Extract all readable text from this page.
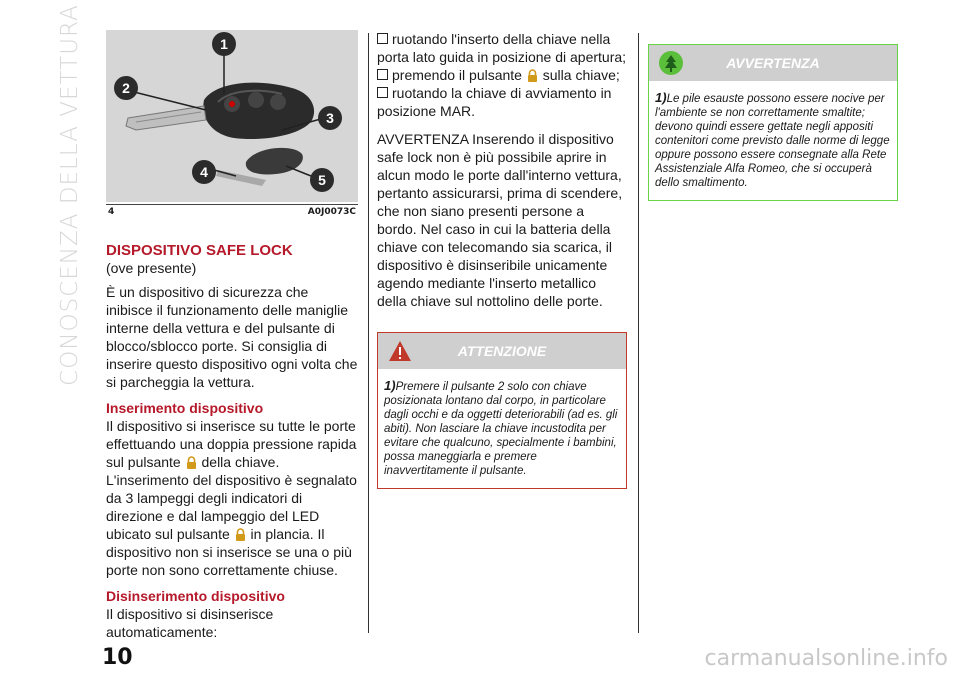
CONOSCENZA DELLA VETTURA	1
2
3
4	5
4	A0J0073C
DISPOSITIVO SAFE LOCK

(ove presente)

È un dispositivo di sicurezza che inibisce il funzionamento delle maniglie interne della vettura e del pulsante di blocco/sblocco porte. Si consiglia di inserire questo dispositivo ogni volta che si parcheggia la vettura.

Inserimento dispositivo

Il dispositivo si inserisce su tutte le porte effettuando una doppia pressione rapida sul pulsante della chiave. L'inserimento del dispositivo è segnalato da 3 lampeggi degli indicatori di direzione e dal lampeggio del LED ubicato sul pulsante in plancia. Il dispositivo non si inserisce se una o più porte non sono correttamente chiuse.

Disinserimento dispositivo

Il dispositivo si disinserisce automaticamente:

ruotando l'inserto della chiave nella porta lato guida in posizione di apertura;

premendo il pulsante sulla chiave;

ruotando la chiave di avviamento in posizione MAR.

AVVERTENZA Inserendo il dispositivo safe lock non è più possibile aprire in alcun modo le porte dall'interno vettura, pertanto assicurarsi, prima di scendere, che non siano presenti persone a bordo. Nel caso in cui la batteria della chiave con telecomando sia scarica, il dispositivo è disinseribile unicamente agendo mediante l'inserto metallico della chiave sul nottolino delle porte.

ATTENZIONE
1)Premere il pulsante 2 solo con chiave posizionata lontano dal corpo, in particolare dagli occhi e da oggetti deteriorabili (ad es. gli abiti). Non lasciare la chiave incustodita per evitare che qualcuno, specialmente i bambini, possa maneggiarla e premere inavvertitamente il pulsante.
AVVERTENZA
1)Le pile esauste possono essere nocive per l'ambiente se non correttamente smaltite; devono quindi essere gettate negli appositi contenitori come previsto dalle norme di legge oppure possono essere consegnate alla Rete Assistenziale Alfa Romeo, che si occuperà dello smaltimento.
10	carmanualsonline.info
